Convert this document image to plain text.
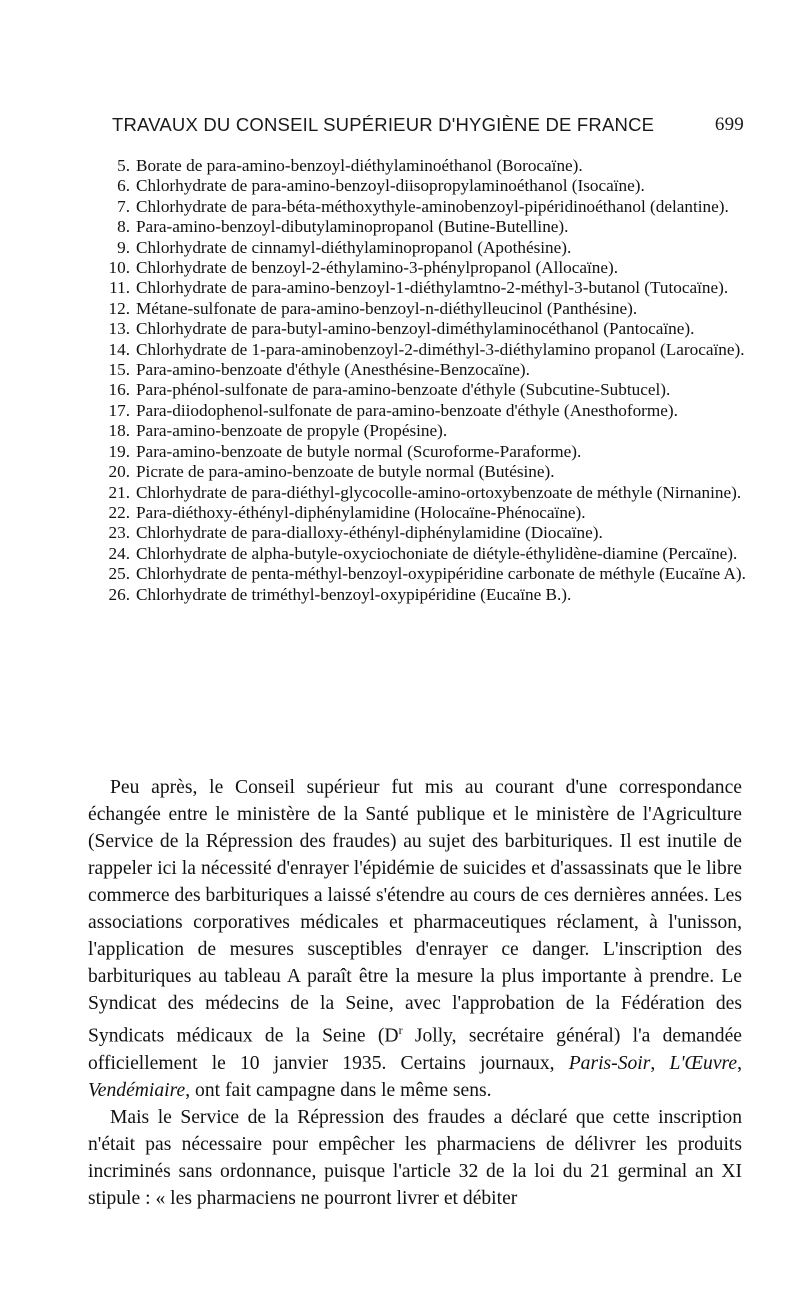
TRAVAUX DU CONSEIL SUPÉRIEUR D'HYGIÈNE DE FRANCE	699
5. Borate de para-amino-benzoyl-diéthylaminoéthanol (Borocaïne).
6. Chlorhydrate de para-amino-benzoyl-diisopropylaminoéthanol (Isocaïne).
7. Chlorhydrate de para-béta-méthoxythyle-aminobenzoyl-pipéridinoéthanol (delantine).
8. Para-amino-benzoyl-dibutylaminopropanol (Butine-Butelline).
9. Chlorhydrate de cinnamyl-diéthylaminopropanol (Apothésine).
10. Chlorhydrate de benzoyl-2-éthylamino-3-phénylpropanol (Allocaïne).
11. Chlorhydrate de para-amino-benzoyl-1-diéthylamtno-2-méthyl-3-butanol (Tutocaïne).
12. Métane-sulfonate de para-amino-benzoyl-n-diéthylleucinol (Panthésine).
13. Chlorhydrate de para-butyl-amino-benzoyl-diméthylaminocéthanol (Pantocaïne).
14. Chlorhydrate de 1-para-aminobenzoyl-2-diméthyl-3-diéthylamino propanol (Larocaïne).
15. Para-amino-benzoate d'éthyle (Anesthésine-Benzocaïne).
16. Para-phénol-sulfonate de para-amino-benzoate d'éthyle (Subcutine-Subtucel).
17. Para-diiodophenol-sulfonate de para-amino-benzoate d'éthyle (Anesthoforme).
18. Para-amino-benzoate de propyle (Propésine).
19. Para-amino-benzoate de butyle normal (Scuroforme-Paraforme).
20. Picrate de para-amino-benzoate de butyle normal (Butésine).
21. Chlorhydrate de para-diéthyl-glycocolle-amino-ortoxybenzoate de méthyle (Nirnanine).
22. Para-diéthoxy-éthényl-diphénylamidine (Holocaïne-Phénocaïne).
23. Chlorhydrate de para-dialloxy-éthényl-diphénylamidine (Diocaïne).
24. Chlorhydrate de alpha-butyle-oxyciochoniate de diétyle-éthylidène-diamine (Percaïne).
25. Chlorhydrate de penta-méthyl-benzoyl-oxypipéridine carbonate de méthyle (Eucaïne A).
26. Chlorhydrate de triméthyl-benzoyl-oxypipéridine (Eucaïne B.).

Peu après, le Conseil supérieur fut mis au courant d'une correspondance échangée entre le ministère de la Santé publique et le ministère de l'Agriculture (Service de la Répression des fraudes) au sujet des barbituriques. Il est inutile de rappeler ici la nécessité d'enrayer l'épidémie de suicides et d'assassinats que le libre commerce des barbituriques a laissé s'étendre au cours de ces dernières années. Les associations corporatives médicales et pharmaceutiques réclament, à l'unisson, l'application de mesures susceptibles d'enrayer ce danger. L'inscription des barbituriques au tableau A paraît être la mesure la plus importante à prendre. Le Syndicat des médecins de la Seine, avec l'approbation de la Fédération des Syndicats médicaux de la Seine ($D^r$ Jolly, secrétaire général) l'a demandée officiellement le 10 janvier 1935. Certains journaux, Paris-Soir, L'Œuvre, Vendémiaire, ont fait campagne dans le même sens.

Mais le Service de la Répression des fraudes a déclaré que cette inscription n'était pas nécessaire pour empêcher les pharmaciens de délivrer les produits incriminés sans ordonnance, puisque l'article 32 de la loi du 21 germinal an XI stipule : « les pharmaciens ne pourront livrer et débiter
